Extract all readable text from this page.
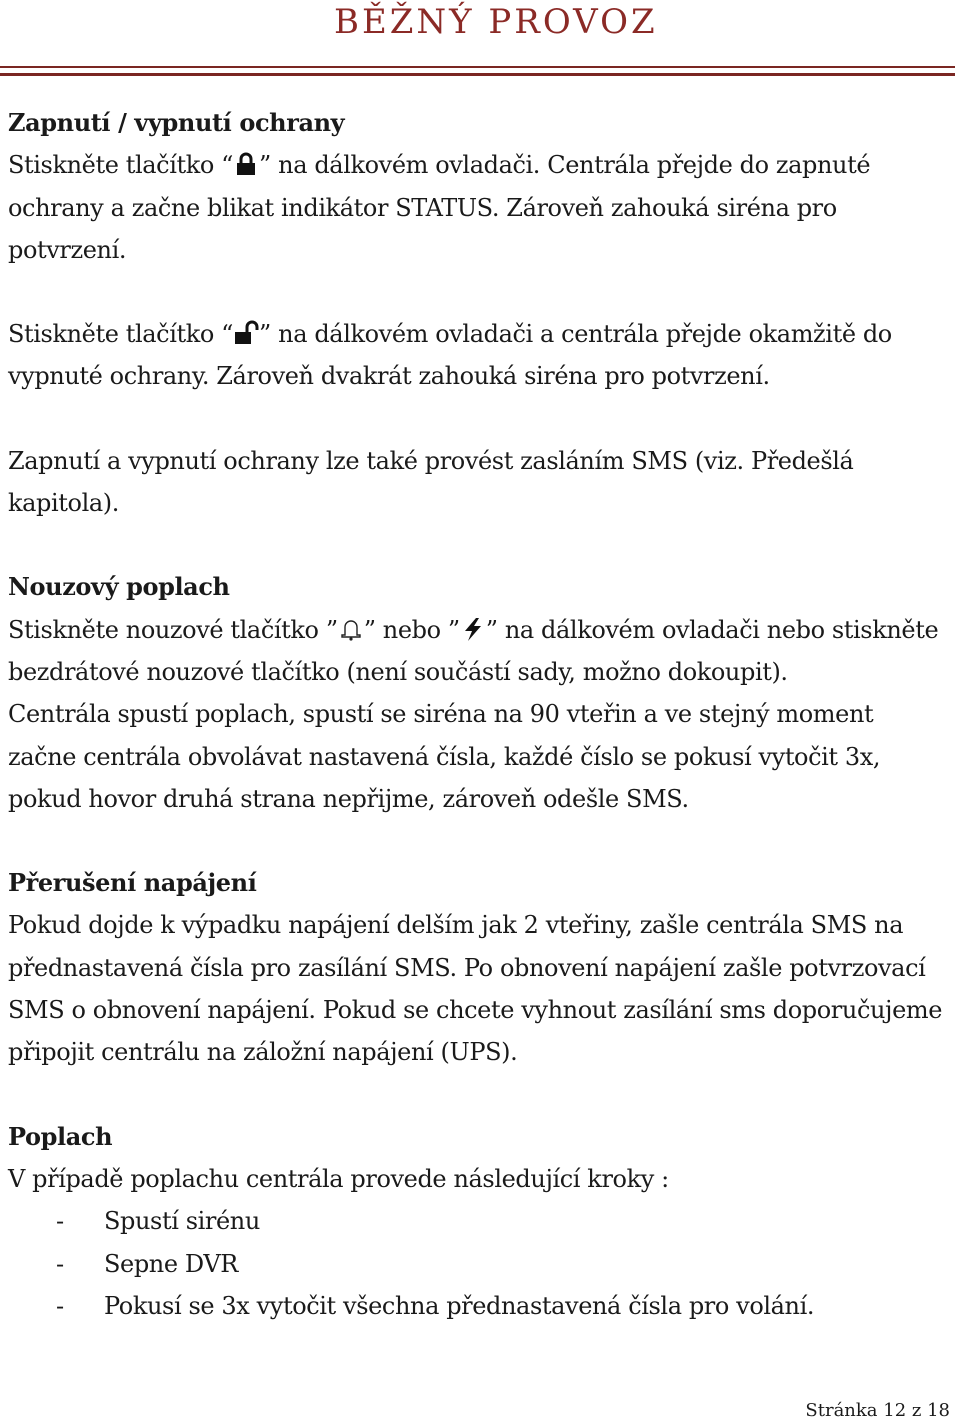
BĚŽNÝ PROVOZ

Zapnutí / vypnutí ochrany

Stiskněte tlačítko “ ” na dálkovém ovladači. Centrála přejde do zapnuté ochrany a začne blikat indikátor STATUS. Zároveň zahouká siréna pro potvrzení.

Stiskněte tlačítko “ ” na dálkovém ovladači a centrála přejde okamžitě do vypnuté ochrany. Zároveň dvakrát zahouká siréna pro potvrzení.

Zapnutí a vypnutí ochrany lze také provést zasláním SMS (viz. Předešlá kapitola).

Nouzový poplach

Stiskněte nouzové tlačítko ” ” nebo ” ” na dálkovém ovladači nebo stiskněte bezdrátové nouzové tlačítko (není součástí sady, možno dokoupit).

Centrála spustí poplach, spustí se siréna na 90 vteřin a ve stejný moment začne centrála obvolávat nastavená čísla, každé číslo se pokusí vytočit 3x, pokud hovor druhá strana nepřijme, zároveň odešle SMS.

Přerušení napájení

Pokud dojde k výpadku napájení delším jak 2 vteřiny, zašle centrála SMS na přednastavená čísla pro zasílání SMS. Po obnovení napájení zašle potvrzovací SMS o obnovení napájení. Pokud se chcete vyhnout zasílání sms doporučujeme připojit centrálu na záložní napájení (UPS).

Poplach

V případě poplachu centrála provede následující kroky :

- Spustí sirénu
- Sepne DVR
- Pokusí se 3x vytočit všechna přednastavená čísla pro volání.
Stránka 12 z 18
